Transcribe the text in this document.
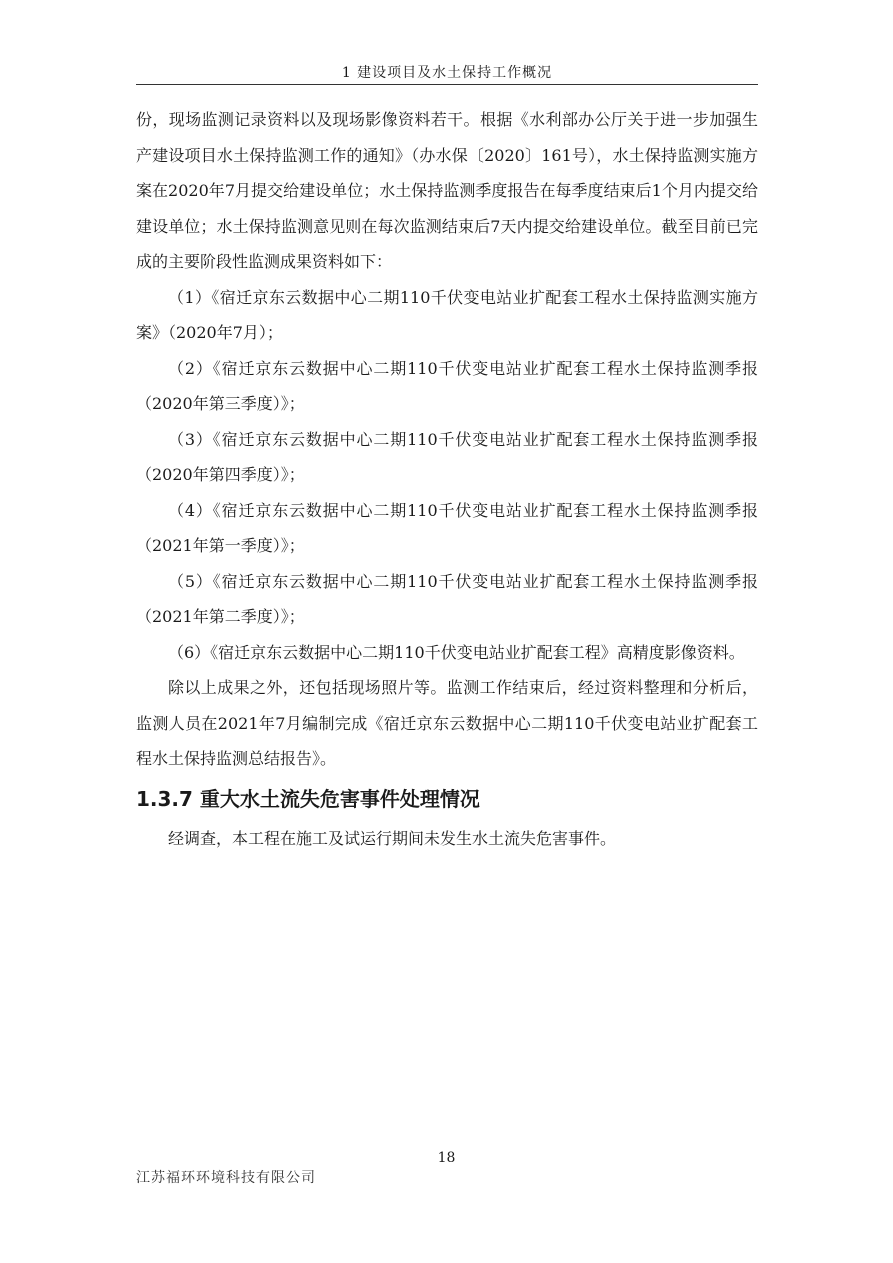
1 建设项目及水土保持工作概况

份，现场监测记录资料以及现场影像资料若干。根据《水利部办公厅关于进一步加强生产建设项目水土保持监测工作的通知》（办水保〔2020〕161号），水土保持监测实施方案在2020年7月提交给建设单位；水土保持监测季度报告在每季度结束后1个月内提交给建设单位；水土保持监测意见则在每次监测结束后7天内提交给建设单位。截至目前已完成的主要阶段性监测成果资料如下：

（1）《宿迁京东云数据中心二期110千伏变电站业扩配套工程水土保持监测实施方案》（2020年7月）；

（2）《宿迁京东云数据中心二期110千伏变电站业扩配套工程水土保持监测季报（2020年第三季度）》；

（3）《宿迁京东云数据中心二期110千伏变电站业扩配套工程水土保持监测季报（2020年第四季度）》；

（4）《宿迁京东云数据中心二期110千伏变电站业扩配套工程水土保持监测季报（2021年第一季度）》；

（5）《宿迁京东云数据中心二期110千伏变电站业扩配套工程水土保持监测季报（2021年第二季度）》；

（6）《宿迁京东云数据中心二期110千伏变电站业扩配套工程》高精度影像资料。

除以上成果之外，还包括现场照片等。监测工作结束后，经过资料整理和分析后，监测人员在2021年7月编制完成《宿迁京东云数据中心二期110千伏变电站业扩配套工程水土保持监测总结报告》。

1.3.7 重大水土流失危害事件处理情况

经调查，本工程在施工及试运行期间未发生水土流失危害事件。

18
江苏福环环境科技有限公司
